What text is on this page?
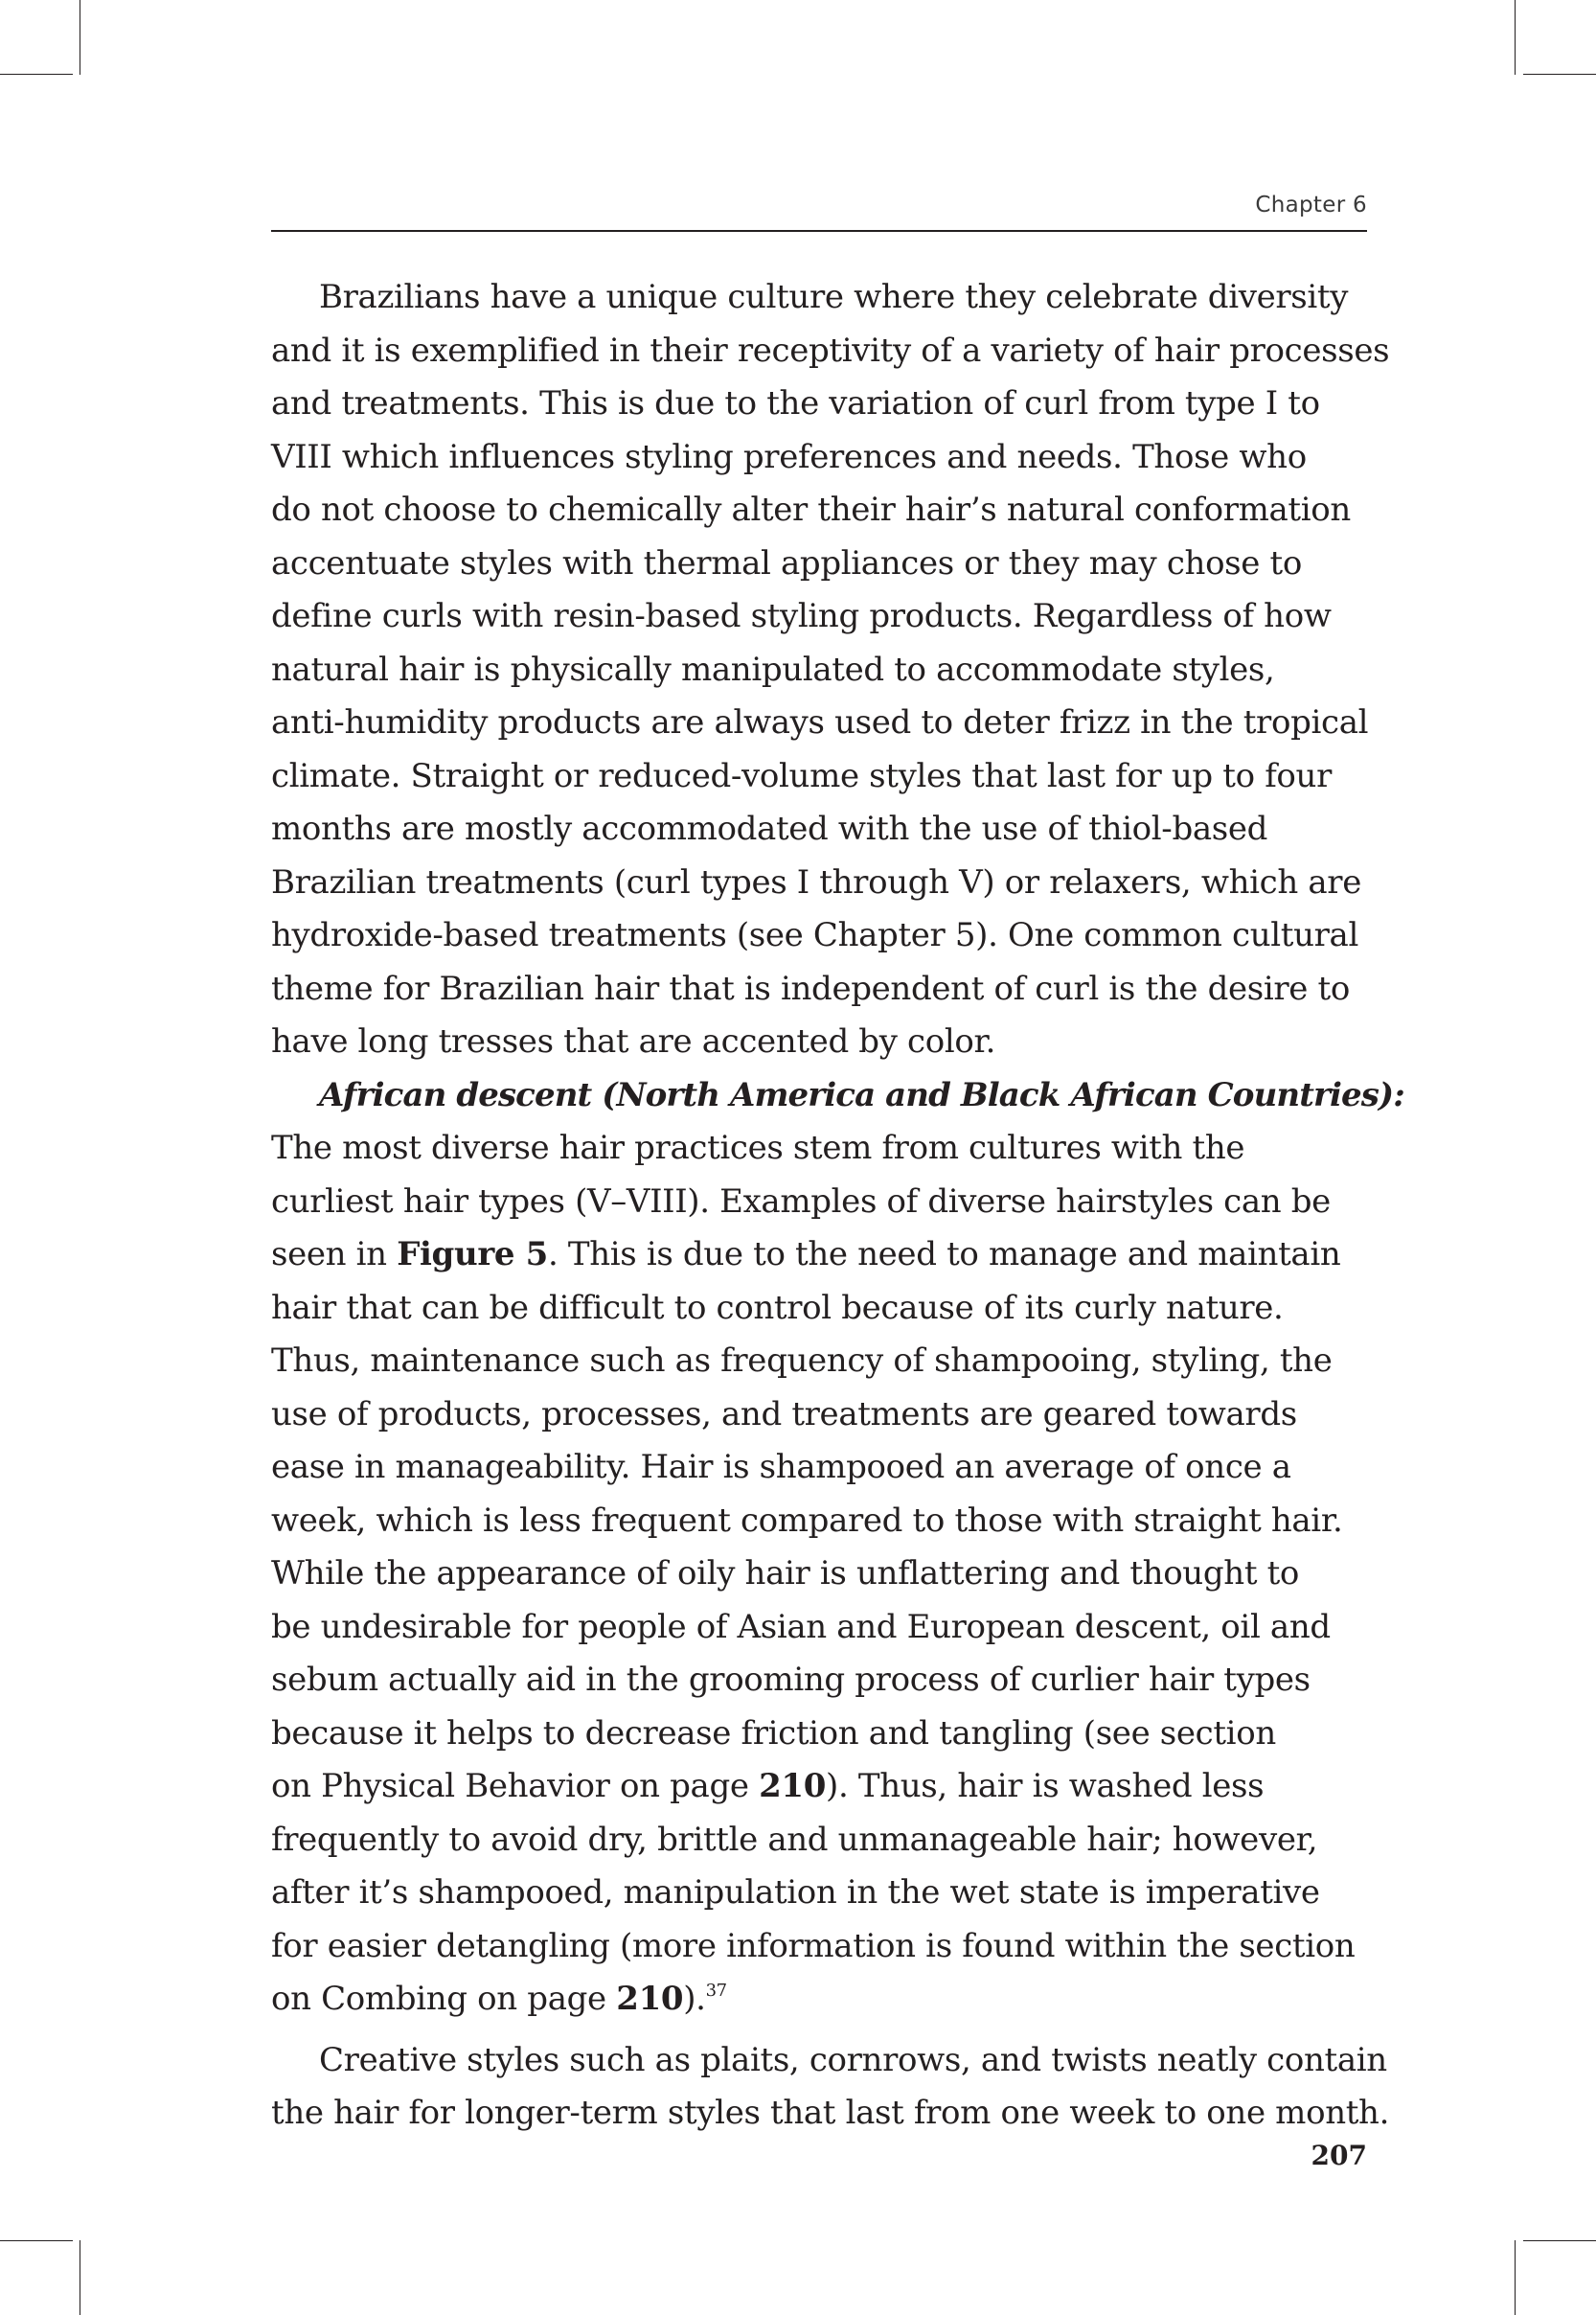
Chapter 6
Brazilians have a unique culture where they celebrate diversity
and it is exemplified in their receptivity of a variety of hair processes
and treatments. This is due to the variation of curl from type I to
VIII which influences styling preferences and needs. Those who
do not choose to chemically alter their hair’s natural conformation
accentuate styles with thermal appliances or they may chose to
define curls with resin-based styling products. Regardless of how
natural hair is physically manipulated to accommodate styles,
anti-humidity products are always used to deter frizz in the tropical
climate. Straight or reduced-volume styles that last for up to four
months are mostly accommodated with the use of thiol-based
Brazilian treatments (curl types I through V) or relaxers, which are
hydroxide-based treatments (see Chapter 5). One common cultural
theme for Brazilian hair that is independent of curl is the desire to
have long tresses that are accented by color.
African descent (North America and Black African Countries):
The most diverse hair practices stem from cultures with the
curliest hair types (V–VIII). Examples of diverse hairstyles can be
seen in Figure 5. This is due to the need to manage and maintain
hair that can be difficult to control because of its curly nature.
Thus, maintenance such as frequency of shampooing, styling, the
use of products, processes, and treatments are geared towards
ease in manageability. Hair is shampooed an average of once a
week, which is less frequent compared to those with straight hair.
While the appearance of oily hair is unflattering and thought to
be undesirable for people of Asian and European descent, oil and
sebum actually aid in the grooming process of curlier hair types
because it helps to decrease friction and tangling (see section
on Physical Behavior on page 210). Thus, hair is washed less
frequently to avoid dry, brittle and unmanageable hair; however,
after it’s shampooed, manipulation in the wet state is imperative
for easier detangling (more information is found within the section
on Combing on page 210).$^{37}$
Creative styles such as plaits, cornrows, and twists neatly contain
the hair for longer-term styles that last from one week to one month.
207
